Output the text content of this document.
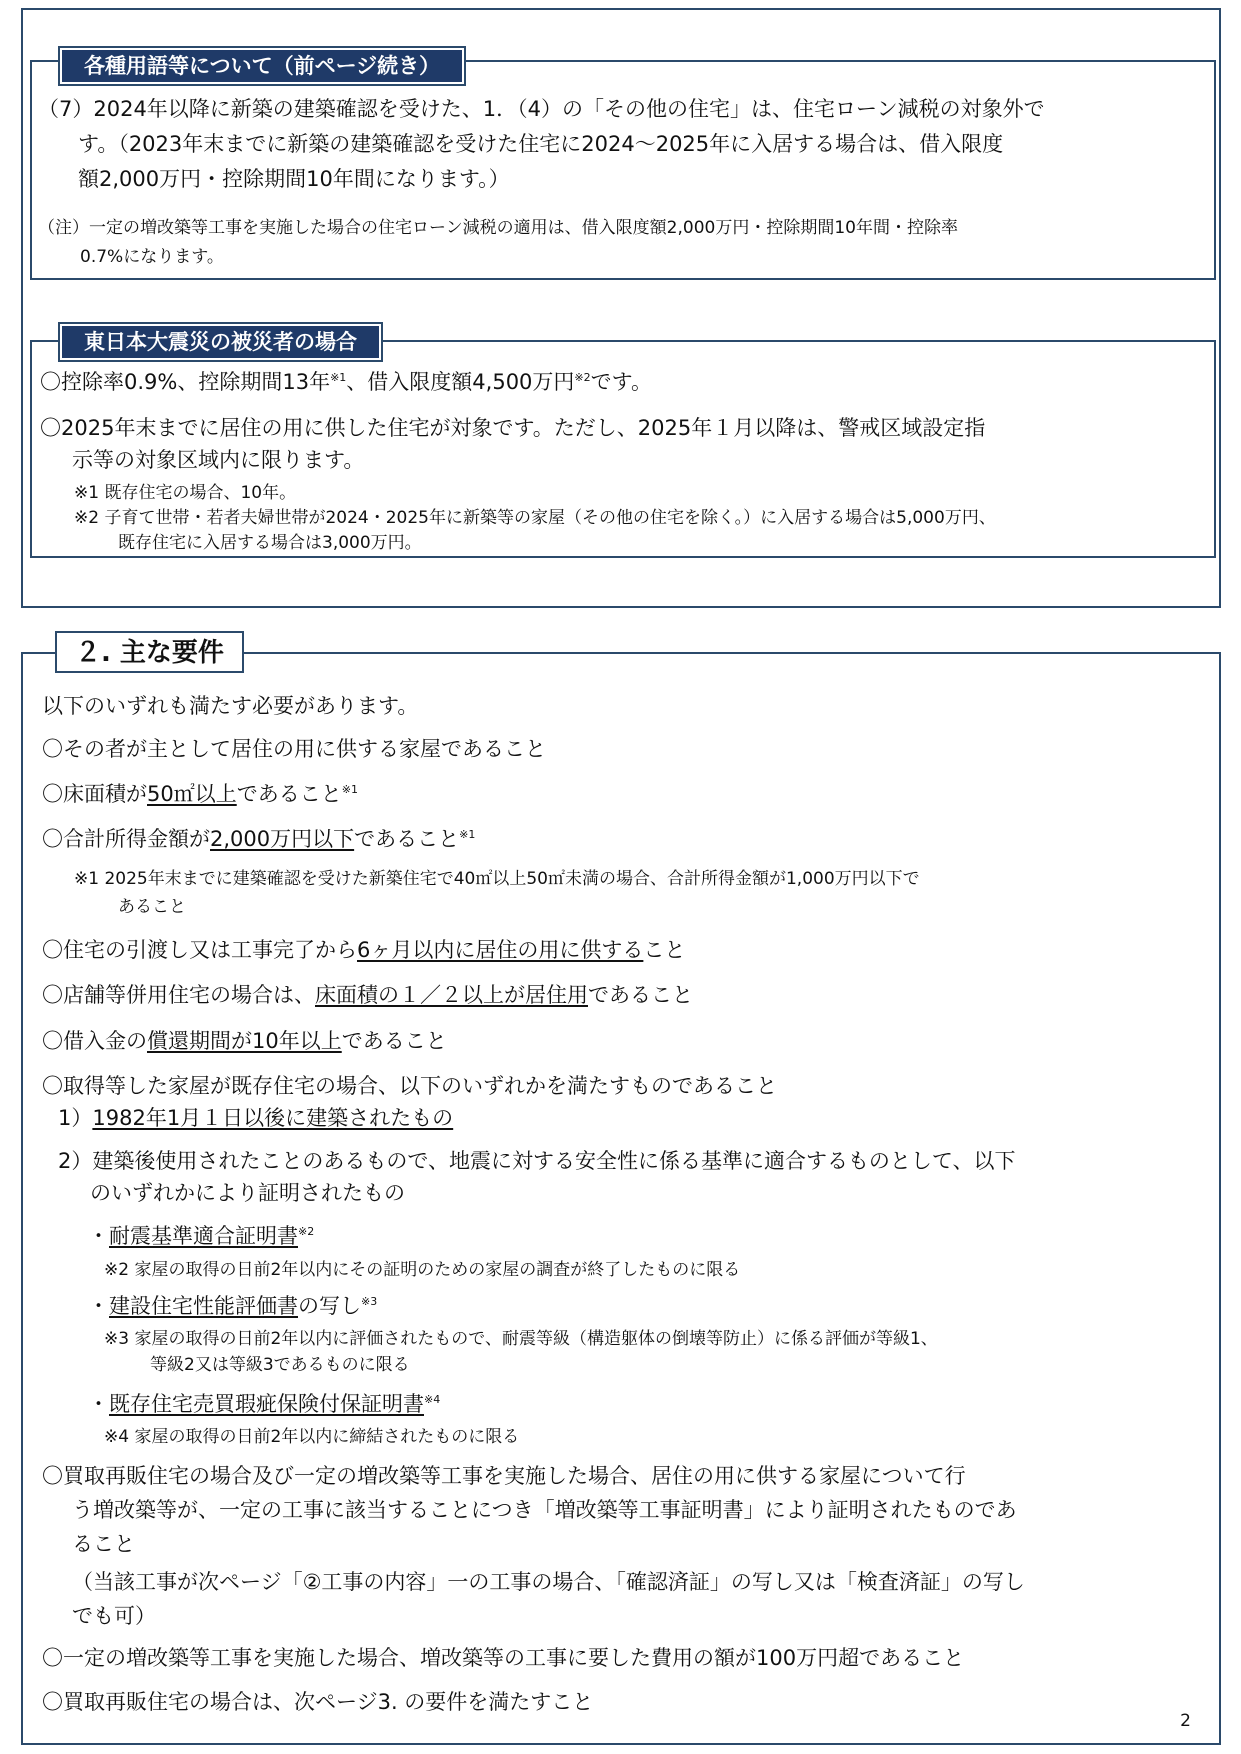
各種用語等について（前ページ続き）
（7）2024年以降に新築の建築確認を受けた、1．（4）の「その他の住宅」は、住宅ローン減税の対象外で
す。（2023年末までに新築の建築確認を受けた住宅に2024～2025年に入居する場合は、借入限度
額2,000万円・控除期間10年間になります。）
（注）一定の増改築等工事を実施した場合の住宅ローン減税の適用は、借入限度額2,000万円・控除期間10年間・控除率
0.7%になります。
東日本大震災の被災者の場合
〇控除率0.9%、控除期間13年$^{※1}$、借入限度額4,500万円$^{※2}$です。
〇2025年末までに居住の用に供した住宅が対象です。ただし、2025年１月以降は、警戒区域設定指
示等の対象区域内に限ります。
※1 既存住宅の場合、10年。
※2 子育て世帯・若者夫婦世帯が2024・2025年に新築等の家屋（その他の住宅を除く。）に入居する場合は5,000万円、
既存住宅に入居する場合は3,000万円。
２. 主な要件
以下のいずれも満たす必要があります。
〇その者が主として居住の用に供する家屋であること
〇床面積が50㎡以上であること$^{※1}$
〇合計所得金額が2,000万円以下であること$^{※1}$
※1 2025年末までに建築確認を受けた新築住宅で40㎡以上50㎡未満の場合、合計所得金額が1,000万円以下で
あること
〇住宅の引渡し又は工事完了から6ヶ月以内に居住の用に供すること
〇店舗等併用住宅の場合は、床面積の１／２以上が居住用であること
〇借入金の償還期間が10年以上であること
〇取得等した家屋が既存住宅の場合、以下のいずれかを満たすものであること
1）1982年1月１日以後に建築されたもの
2）建築後使用されたことのあるもので、地震に対する安全性に係る基準に適合するものとして、以下
のいずれかにより証明されたもの
・耐震基準適合証明書$^{※2}$
※2 家屋の取得の日前2年以内にその証明のための家屋の調査が終了したものに限る
・建設住宅性能評価書の写し$^{※3}$
※3 家屋の取得の日前2年以内に評価されたもので、耐震等級（構造躯体の倒壊等防止）に係る評価が等級1、
等級2又は等級3であるものに限る
・既存住宅売買瑕疵保険付保証明書$^{※4}$
※4 家屋の取得の日前2年以内に締結されたものに限る
〇買取再販住宅の場合及び一定の増改築等工事を実施した場合、居住の用に供する家屋について行
う増改築等が、一定の工事に該当することにつき「増改築等工事証明書」により証明されたものであ
ること
（当該工事が次ページ「②工事の内容」一の工事の場合、「確認済証」の写し又は「検査済証」の写し
でも可）
〇一定の増改築等工事を実施した場合、増改築等の工事に要した費用の額が100万円超であること
〇買取再販住宅の場合は、次ページ3. の要件を満たすこと
2
